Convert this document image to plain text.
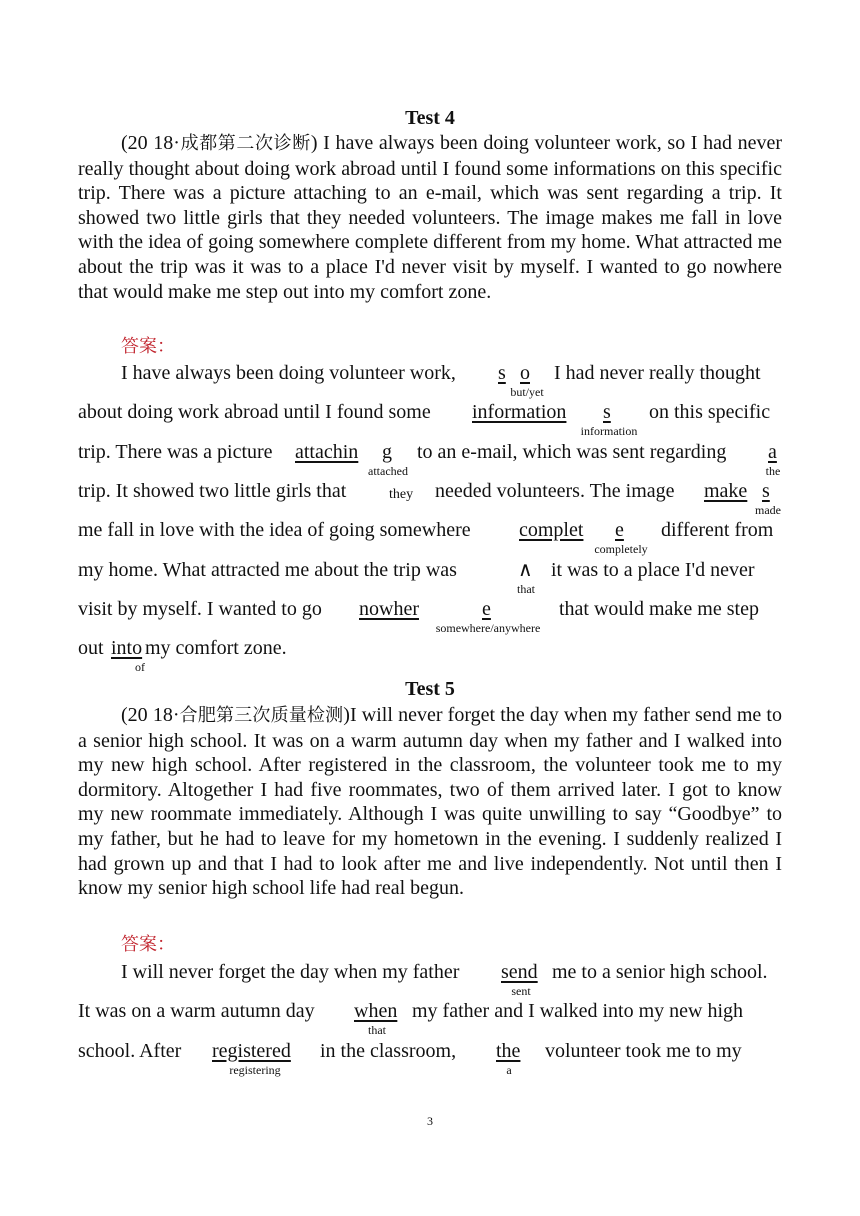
Test 4
(20 18·成都第二次诊断) I have always been doing volunteer work, so I had never really thought about doing work abroad until I found some informations on this specific trip. There was a picture attaching to an e-mail, which was sent regarding a trip. It showed two little girls that they needed volunteers. The image makes me fall in love with the idea of going somewhere complete different from my home. What attracted me about the trip was it was to a place I'd never visit by myself. I wanted to go nowhere that would make me step out into my comfort zone.
答案：
I have always been doing volunteer work, s o I had never really thought
but/yet
about doing work abroad until I found some information s on this specific
information
trip. There was a picture attachin g to an e-mail, which was sent regarding a
attached	the
trip. It showed two little girls that	they needed volunteers. The image make s
made
me fall in love with the idea of going somewhere complet e different from
completely
my home. What attracted me about the trip was	∧ it was to a place I'd never
that
visit by myself. I wanted to go nowher	e	that would make me step
somewhere/anywhere
out into my comfort zone.
of
Test 5
(20 18·合肥第三次质量检测)I will never forget the day when my father send me to a senior high school. It was on a warm autumn day when my father and I walked into my new high school. After registered in the classroom, the volunteer took me to my dormitory. Altogether I had five roommates, two of them arrived later. I got to know my new roommate immediately. Although I was quite unwilling to say “Goodbye” to my father, but he had to leave for my hometown in the evening. I suddenly realized I had grown up and that I had to look after me and live independently. Not until then I know my senior high school life had real begun.
答案：
I will never forget the day when my father send me to a senior high school.
sent
It was on a warm autumn day when my father and I walked into my new high
that
school. After registered in the classroom, the volunteer took me to my
registering	a
3
